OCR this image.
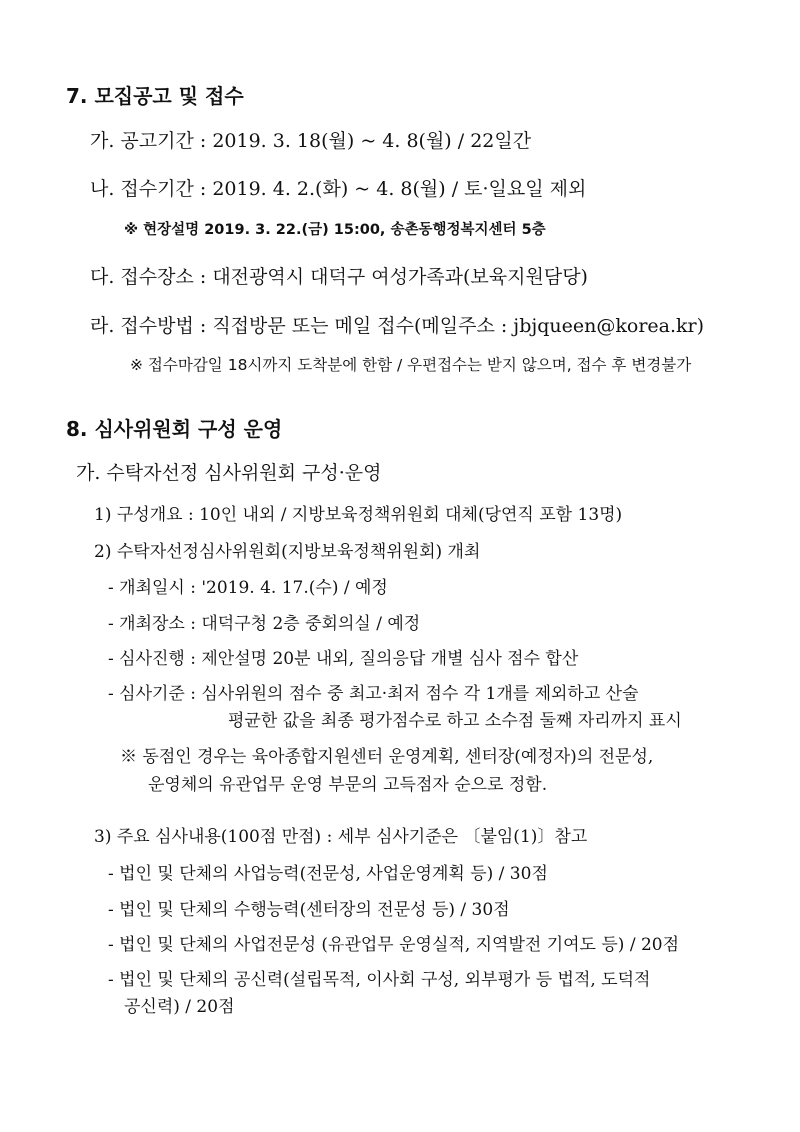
7. 모집공고 및 접수
가. 공고기간 : 2019. 3. 18(월) ~ 4. 8(월) / 22일간
나. 접수기간 : 2019. 4. 2.(화) ~ 4. 8(월) / 토·일요일 제외
※ 현장설명 2019. 3. 22.(금) 15:00, 송촌동행정복지센터 5층
다. 접수장소 : 대전광역시 대덕구 여성가족과(보육지원담당)
라. 접수방법 : 직접방문 또는 메일 접수(메일주소 : jbjqueen@korea.kr)
※ 접수마감일 18시까지 도착분에 한함 / 우편접수는 받지 않으며, 접수 후 변경불가
8. 심사위원회 구성 운영
가. 수탁자선정 심사위원회 구성·운영
1) 구성개요 : 10인 내외 / 지방보육정책위원회 대체(당연직 포함 13명)
2) 수탁자선정심사위원회(지방보육정책위원회) 개최
- 개최일시 : '2019. 4. 17.(수) / 예정
- 개최장소 : 대덕구청 2층 중회의실 / 예정
- 심사진행 : 제안설명 20분 내외, 질의응답 개별 심사 점수 합산
- 심사기준 : 심사위원의 점수 중 최고·최저 점수 각 1개를 제외하고 산술
평균한 값을 최종 평가점수로 하고 소수점 둘째 자리까지 표시
※ 동점인 경우는 육아종합지원센터 운영계획, 센터장(예정자)의 전문성,
운영체의 유관업무 운영 부문의 고득점자 순으로 정함.
3) 주요 심사내용(100점 만점) : 세부 심사기준은 〔붙임(1)〕참고
- 법인 및 단체의 사업능력(전문성, 사업운영계획 등) / 30점
- 법인 및 단체의 수행능력(센터장의 전문성 등) / 30점
- 법인 및 단체의 사업전문성 (유관업무 운영실적, 지역발전 기여도 등) / 20점
- 법인 및 단체의 공신력(설립목적, 이사회 구성, 외부평가 등 법적, 도덕적
공신력) / 20점
